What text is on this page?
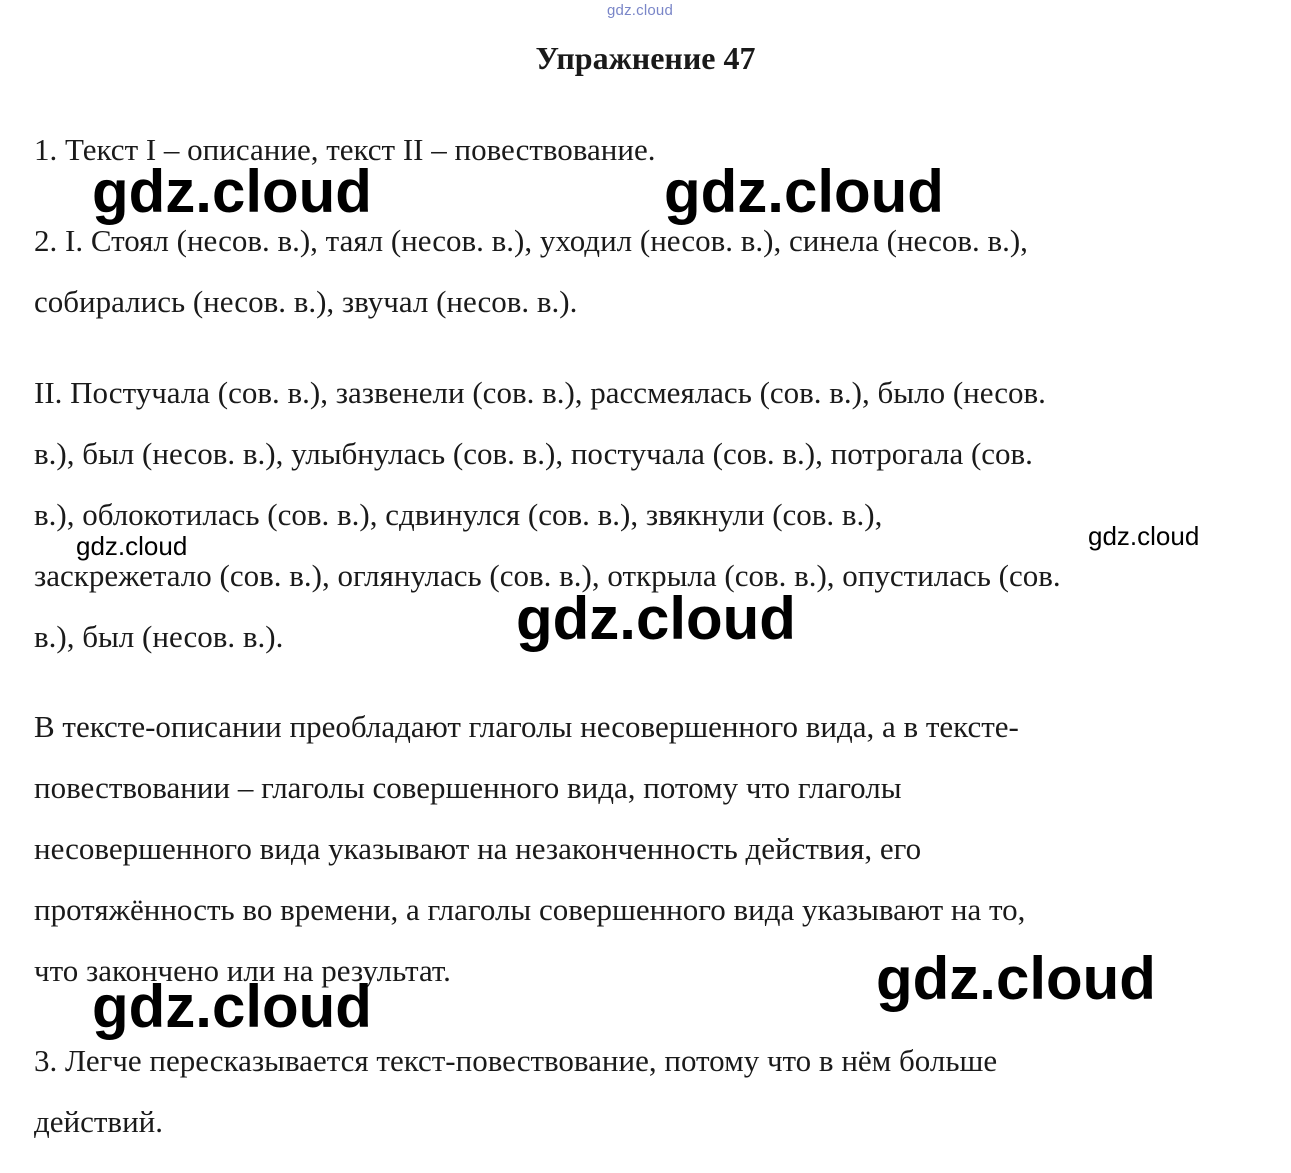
gdz.cloud
Упражнение 47
1. Текст I – описание, текст II – повествование.
2. I. Стоял (несов. в.), таял (несов. в.), уходил (несов. в.), синела (несов. в.),
собирались (несов. в.), звучал (несов. в.).
II. Постучала (сов. в.), зазвенели (сов. в.), рассмеялась (сов. в.), было (несов.
в.), был (несов. в.), улыбнулась (сов. в.), постучала (сов. в.), потрогала (сов.
в.), облокотилась (сов. в.), сдвинулся (сов. в.), звякнули (сов. в.),
заскрежетало (сов. в.), оглянулась (сов. в.), открыла (сов. в.), опустилась (сов.
в.), был (несов. в.).
В тексте-описании преобладают глаголы несовершенного вида, а в тексте-
повествовании – глаголы совершенного вида, потому что глаголы
несовершенного вида указывают на незаконченность действия, его
протяжённость во времени, а глаголы совершенного вида указывают на то,
что закончено или на результат.
3. Легче пересказывается текст-повествование, потому что в нём больше
действий.
gdz.cloud	gdz.cloud
gdz.cloud	gdz.cloud
gdz.cloud
gdz.cloud
gdz.cloud
